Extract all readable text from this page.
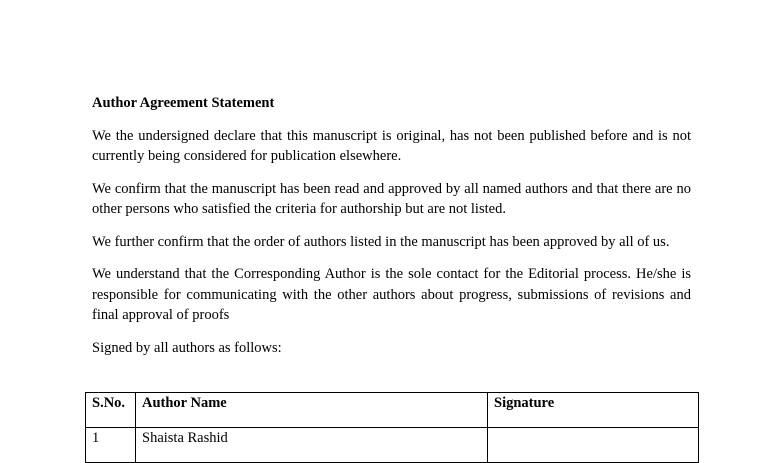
Author Agreement Statement

We the undersigned declare that this manuscript is original, has not been published before and is not currently being considered for publication elsewhere.

We confirm that the manuscript has been read and approved by all named authors and that there are no other persons who satisfied the criteria for authorship but are not listed.

We further confirm that the order of authors listed in the manuscript has been approved by all of us.

We understand that the Corresponding Author is the sole contact for the Editorial process. He/she is responsible for communicating with the other authors about progress, submissions of revisions and final approval of proofs

Signed by all authors as follows:

S.No.	Author Name	Signature
1	Shaista Rashid	
